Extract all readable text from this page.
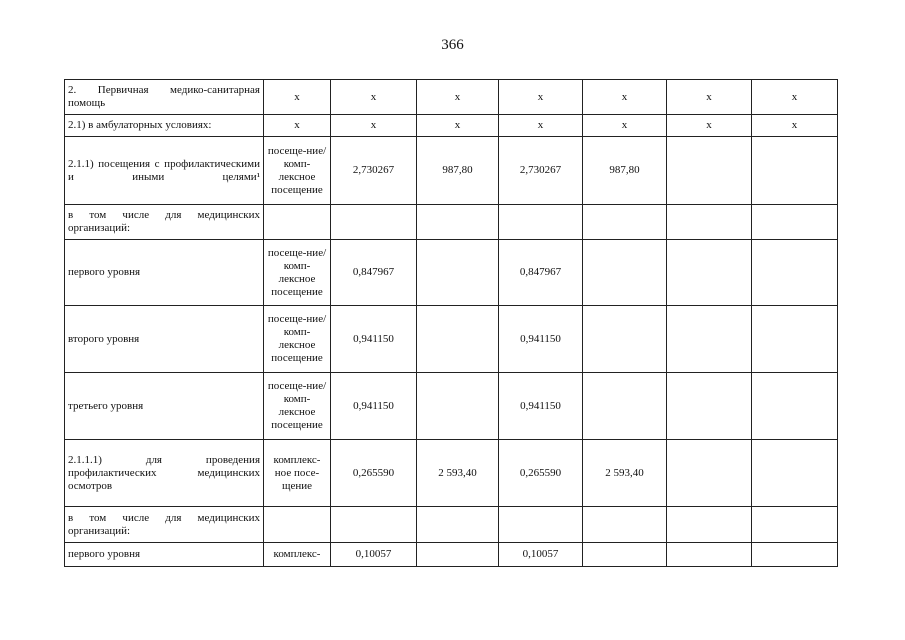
366
2. Первичная медико-санитарная помощь	х	х	х	х	х	х	х
2.1) в амбулаторных условиях:	х	х	х	х	х	х	х
2.1.1) посещения с профилактическими и иными целями¹	посеще-ние/комп-лексное посещение	2,730267	987,80	2,730267	987,80		
в том числе для медицинских организаций:							
первого уровня	посеще-ние/комп-лексное посещение	0,847967		0,847967			
второго уровня	посеще-ние/комп-лексное посещение	0,941150		0,941150			
третьего уровня	посеще-ние/комп-лексное посещение	0,941150		0,941150			
2.1.1.1) для проведения профилактических медицинских осмотров	комплекс-ное посе-щение	0,265590	2 593,40	0,265590	2 593,40		
в том числе для медицинских организаций:							
первого уровня	комплекс-	0,10057		0,10057			
